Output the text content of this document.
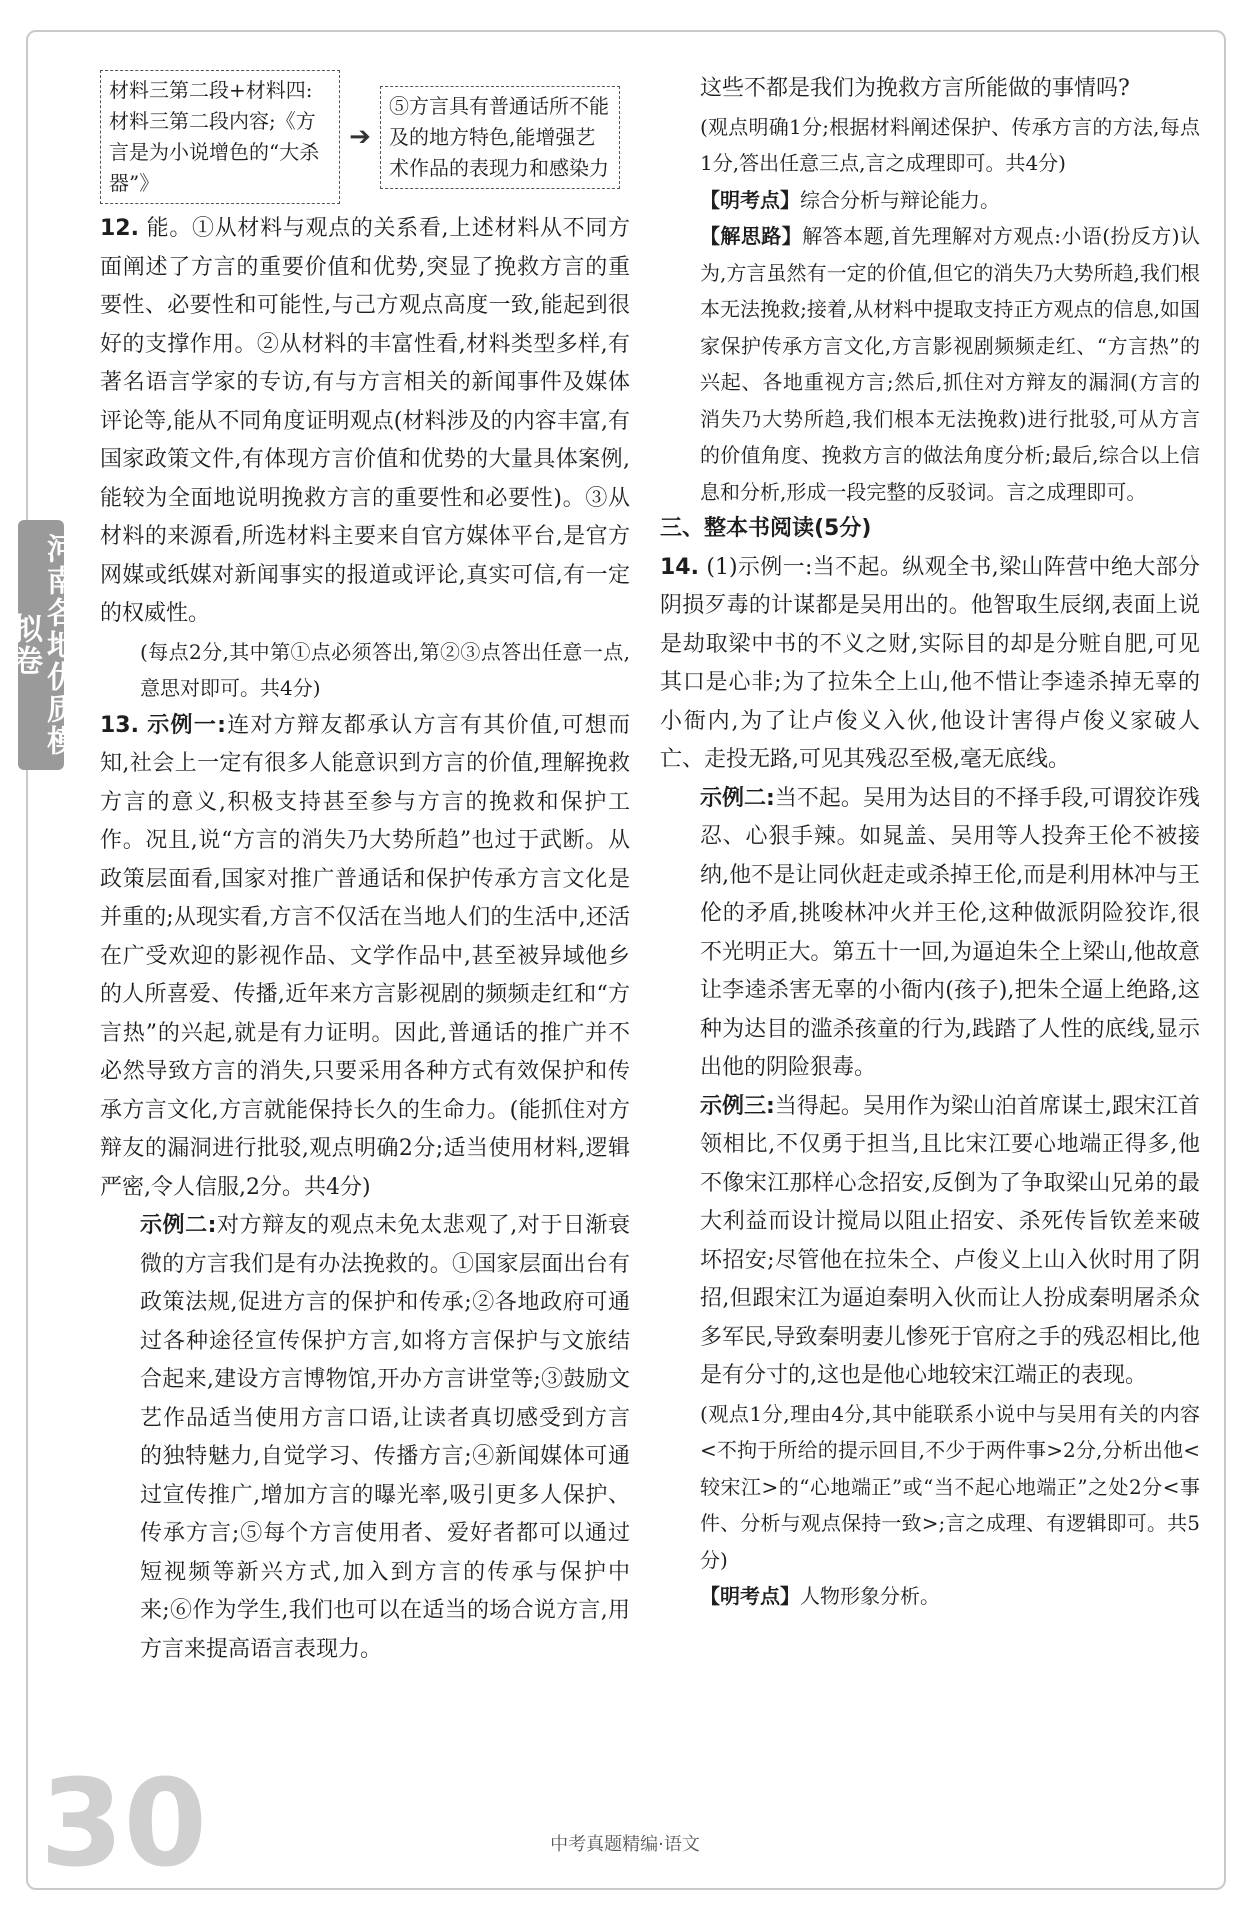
河南各地优质模拟卷
材料三第二段+材料四:材料三第二段内容;《方言是为小说增色的“大杀器”》
➔
⑤方言具有普通话所不能及的地方特色,能增强艺术作品的表现力和感染力

12. 能。①从材料与观点的关系看,上述材料从不同方面阐述了方言的重要价值和优势,突显了挽救方言的重要性、必要性和可能性,与己方观点高度一致,能起到很好的支撑作用。②从材料的丰富性看,材料类型多样,有著名语言学家的专访,有与方言相关的新闻事件及媒体评论等,能从不同角度证明观点(材料涉及的内容丰富,有国家政策文件,有体现方言价值和优势的大量具体案例,能较为全面地说明挽救方言的重要性和必要性)。③从材料的来源看,所选材料主要来自官方媒体平台,是官方网媒或纸媒对新闻事实的报道或评论,真实可信,有一定的权威性。

(每点2分,其中第①点必须答出,第②③点答出任意一点,意思对即可。共4分)

13. 示例一:连对方辩友都承认方言有其价值,可想而知,社会上一定有很多人能意识到方言的价值,理解挽救方言的意义,积极支持甚至参与方言的挽救和保护工作。况且,说“方言的消失乃大势所趋”也过于武断。从政策层面看,国家对推广普通话和保护传承方言文化是并重的;从现实看,方言不仅活在当地人们的生活中,还活在广受欢迎的影视作品、文学作品中,甚至被异域他乡的人所喜爱、传播,近年来方言影视剧的频频走红和“方言热”的兴起,就是有力证明。因此,普通话的推广并不必然导致方言的消失,只要采用各种方式有效保护和传承方言文化,方言就能保持长久的生命力。(能抓住对方辩友的漏洞进行批驳,观点明确2分;适当使用材料,逻辑严密,令人信服,2分。共4分)

示例二:对方辩友的观点未免太悲观了,对于日渐衰微的方言我们是有办法挽救的。①国家层面出台有政策法规,促进方言的保护和传承;②各地政府可通过各种途径宣传保护方言,如将方言保护与文旅结合起来,建设方言博物馆,开办方言讲堂等;③鼓励文艺作品适当使用方言口语,让读者真切感受到方言的独特魅力,自觉学习、传播方言;④新闻媒体可通过宣传推广,增加方言的曝光率,吸引更多人保护、传承方言;⑤每个方言使用者、爱好者都可以通过短视频等新兴方式,加入到方言的传承与保护中来;⑥作为学生,我们也可以在适当的场合说方言,用方言来提高语言表现力。

这些不都是我们为挽救方言所能做的事情吗?

(观点明确1分;根据材料阐述保护、传承方言的方法,每点1分,答出任意三点,言之成理即可。共4分)

【明考点】综合分析与辩论能力。

【解思路】解答本题,首先理解对方观点:小语(扮反方)认为,方言虽然有一定的价值,但它的消失乃大势所趋,我们根本无法挽救;接着,从材料中提取支持正方观点的信息,如国家保护传承方言文化,方言影视剧频频走红、“方言热”的兴起、各地重视方言;然后,抓住对方辩友的漏洞(方言的消失乃大势所趋,我们根本无法挽救)进行批驳,可从方言的价值角度、挽救方言的做法角度分析;最后,综合以上信息和分析,形成一段完整的反驳词。言之成理即可。

三、整本书阅读(5分)

14. (1)示例一:当不起。纵观全书,梁山阵营中绝大部分阴损歹毒的计谋都是吴用出的。他智取生辰纲,表面上说是劫取梁中书的不义之财,实际目的却是分赃自肥,可见其口是心非;为了拉朱仝上山,他不惜让李逵杀掉无辜的小衙内,为了让卢俊义入伙,他设计害得卢俊义家破人亡、走投无路,可见其残忍至极,毫无底线。

示例二:当不起。吴用为达目的不择手段,可谓狡诈残忍、心狠手辣。如晁盖、吴用等人投奔王伦不被接纳,他不是让同伙赶走或杀掉王伦,而是利用林冲与王伦的矛盾,挑唆林冲火并王伦,这种做派阴险狡诈,很不光明正大。第五十一回,为逼迫朱仝上梁山,他故意让李逵杀害无辜的小衙内(孩子),把朱仝逼上绝路,这种为达目的滥杀孩童的行为,践踏了人性的底线,显示出他的阴险狠毒。

示例三:当得起。吴用作为梁山泊首席谋士,跟宋江首领相比,不仅勇于担当,且比宋江要心地端正得多,他不像宋江那样心念招安,反倒为了争取梁山兄弟的最大利益而设计搅局以阻止招安、杀死传旨钦差来破坏招安;尽管他在拉朱仝、卢俊义上山入伙时用了阴招,但跟宋江为逼迫秦明入伙而让人扮成秦明屠杀众多军民,导致秦明妻儿惨死于官府之手的残忍相比,他是有分寸的,这也是他心地较宋江端正的表现。

(观点1分,理由4分,其中能联系小说中与吴用有关的内容<不拘于所给的提示回目,不少于两件事>2分,分析出他<较宋江>的“心地端正”或“当不起心地端正”之处2分<事件、分析与观点保持一致>;言之成理、有逻辑即可。共5分)

【明考点】人物形象分析。

30	中考真题精编·语文
